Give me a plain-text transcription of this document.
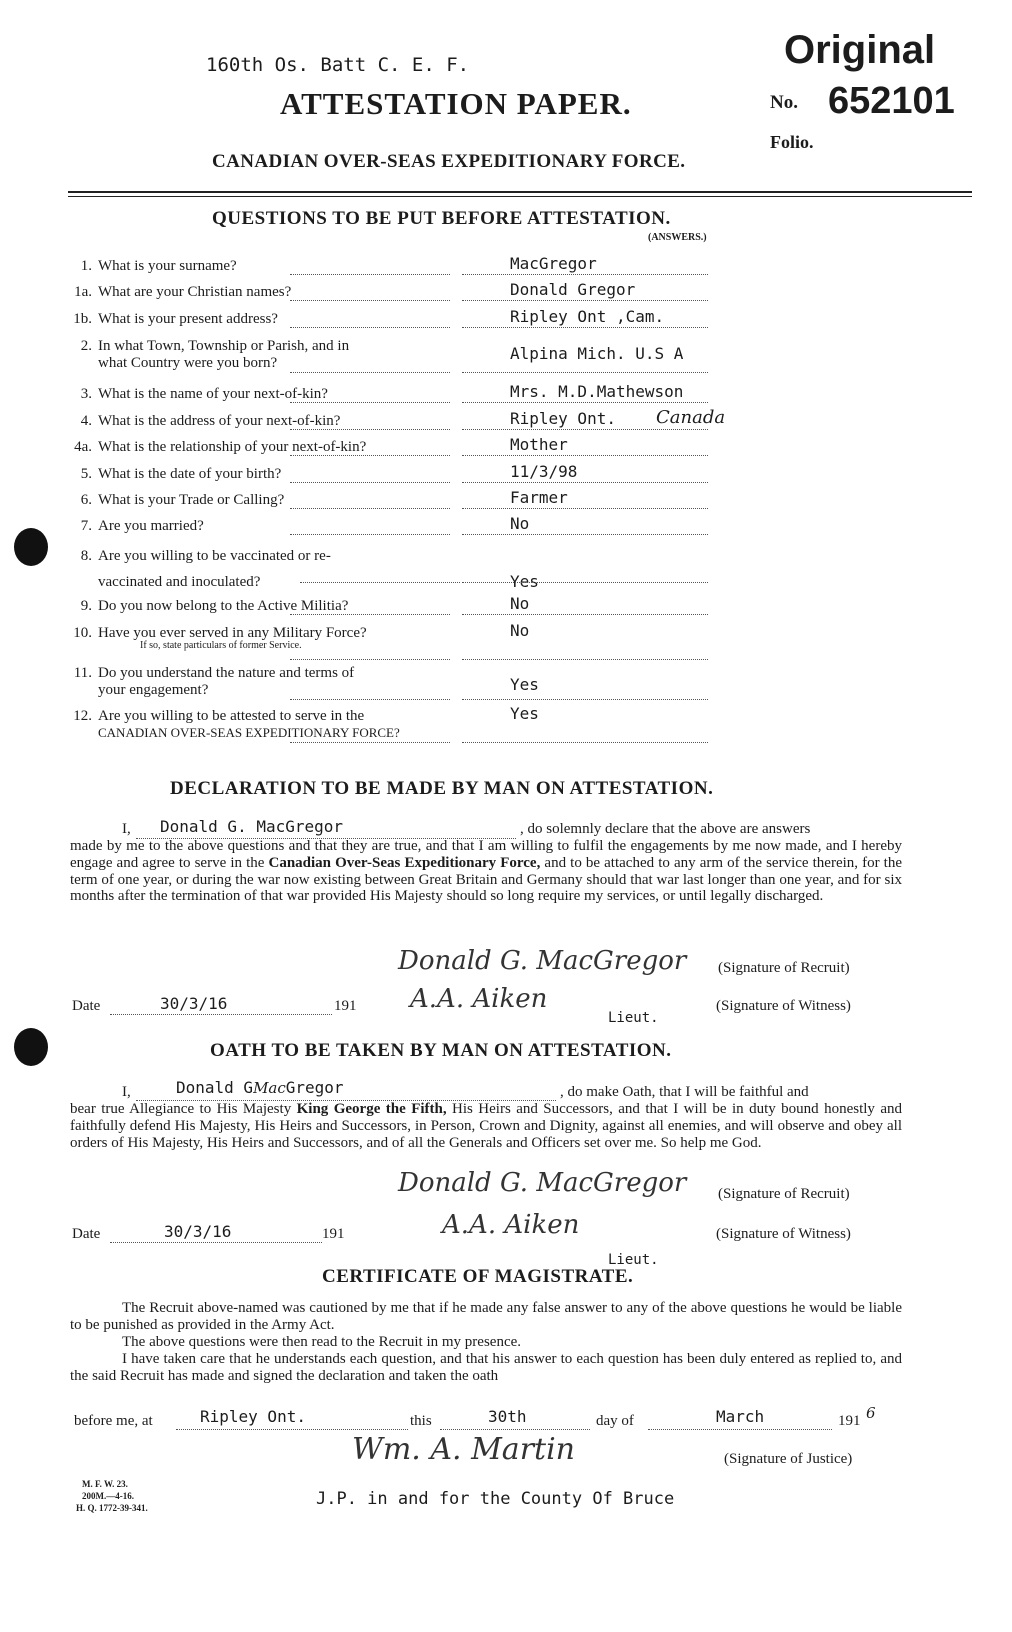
160th Os. Batt C. E. F.
ATTESTATION PAPER.
CANADIAN OVER-SEAS EXPEDITIONARY FORCE.
Original
No. 652101
Folio.
QUESTIONS TO BE PUT BEFORE ATTESTATION.
(ANSWERS.)
1. What is your surname?	MacGregor
1a. What are your Christian names?	Donald Gregor
1b. What is your present address?	Ripley Ont ,Cam.
2. In what Town, Township or Parish, and in
what Country were you born?	Alpina Mich. U.S A
3. What is the name of your next-of-kin?	Mrs. M.D.Mathewson
4. What is the address of your next-of-kin?	Ripley Ont. Canada
4a. What is the relationship of your next-of-kin?	Mother
5. What is the date of your birth?	11/3/98
6. What is your Trade or Calling?	Farmer
7. Are you married?	No
8. Are you willing to be vaccinated or re-
vaccinated and inoculated?	Yes
9. Do you now belong to the Active Militia?	No
10. Have you ever served in any Military Force?
If so, state particulars of former Service.
No
11. Do you understand the nature and terms of
your engagement?	Yes
12. Are you willing to be attested to serve in the
CANADIAN OVER-SEAS EXPEDITIONARY FORCE?
Yes
DECLARATION TO BE MADE BY MAN ON ATTESTATION.
I, Donald G. MacGregor	, do solemnly declare that the above are answers
made by me to the above questions and that they are true, and that I am willing to fulfil the engagements by me now made, and I hereby engage and agree to serve in the Canadian Over-Seas Expeditionary Force, and to be attached to any arm of the service therein, for the term of one year, or during the war now existing between Great Britain and Germany should that war last longer than one year, and for six months after the termination of that war provided His Majesty should so long require my services, or until legally discharged.
Donald G. MacGregor (Signature of Recruit)
Date	30/3/16	191 A.A. Aiken
Lieut.
(Signature of Witness)
OATH TO BE TAKEN BY MAN ON ATTESTATION.
I,	Donald GMacGregor	, do make Oath, that I will be faithful and
bear true Allegiance to His Majesty King George the Fifth, His Heirs and Successors, and that I will be in duty bound honestly and faithfully defend His Majesty, His Heirs and Successors, in Person, Crown and Dignity, against all enemies, and will observe and obey all orders of His Majesty, His Heirs and Successors, and of all the Generals and Officers set over me. So help me God.
Donald G. MacGregor (Signature of Recruit)
Date	30/3/16	191	A.A. Aiken	(Signature of Witness)
Lieut.
CERTIFICATE OF MAGISTRATE.
The Recruit above-named was cautioned by me that if he made any false answer to any of the above questions he would be liable to be punished as provided in the Army Act.
The above questions were then read to the Recruit in my presence.
I have taken care that he understands each question, and that his answer to each question has been duly entered as replied to, and the said Recruit has made and signed the declaration and taken the oath
before me, at	Ripley Ont.	this	30th	day of	March	191 6
Wm. A. Martin	(Signature of Justice)
J.P. in and for the County Of Bruce
M. F. W. 23.
200M.—4-16.
H. Q. 1772-39-341.
